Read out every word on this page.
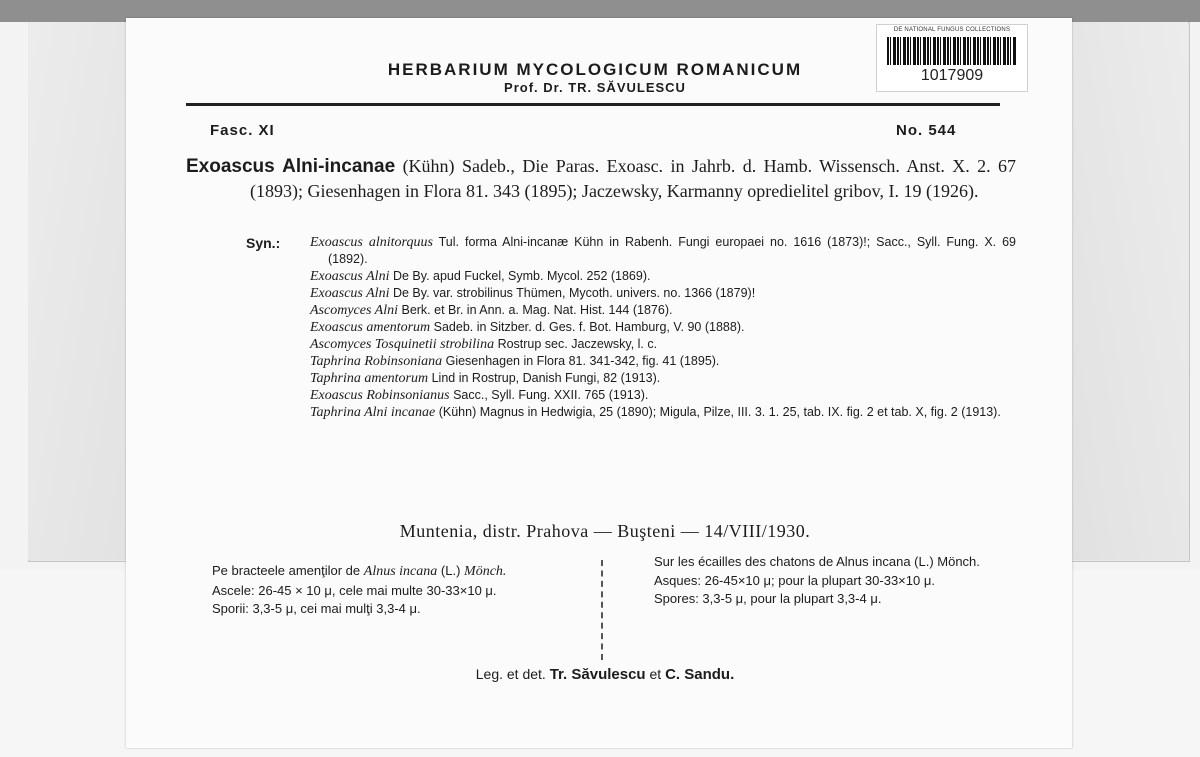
DE NATIONAL FUNGUS COLLECTIONS
1017909
HERBARIUM MYCOLOGICUM ROMANICUM
Prof. Dr. TR. SĂVULESCU
Fasc. XI	No. 544
Exoascus Alni-incanae (Kühn) Sadeb., Die Paras. Exoasc. in Jahrb. d. Hamb. Wissensch. Anst. X. 2. 67 (1893); Giesenhagen in Flora 81. 343 (1895); Jaczewsky, Karmanny opredielitel gribov, I. 19 (1926).
Syn.: Exoascus alnitorquus Tul. forma Alni-incanæ Kühn in Rabenh. Fungi europaei no. 1616 (1873)!; Sacc., Syll. Fung. X. 69 (1892).
Exoascus Alni De By. apud Fuckel, Symb. Mycol. 252 (1869).
Exoascus Alni De By. var. strobilinus Thümen, Mycoth. univers. no. 1366 (1879)!
Ascomyces Alni Berk. et Br. in Ann. a. Mag. Nat. Hist. 144 (1876).
Exoascus amentorum Sadeb. in Sitzber. d. Ges. f. Bot. Hamburg, V. 90 (1888).
Ascomyces Tosquinetii strobilina Rostrup sec. Jaczewsky, l. c.
Taphrina Robinsoniana Giesenhagen in Flora 81. 341-342, fig. 41 (1895).
Taphrina amentorum Lind in Rostrup, Danish Fungi, 82 (1913).
Exoascus Robinsonianus Sacc., Syll. Fung. XXII. 765 (1913).
Taphrina Alni incanae (Kühn) Magnus in Hedwigia, 25 (1890); Migula, Pilze, III. 3. 1. 25, tab. IX. fig. 2 et tab. X, fig. 2 (1913).
Muntenia, distr. Prahova — Buşteni — 14/VIII/1930.
Pe bracteele amenţilor de Alnus incana (L.) Mönch.
Ascele: 26-45 × 10 μ, cele mai multe 30-33×10 μ.
Sporii: 3,3-5 μ, cei mai mulţi 3,3-4 μ.
Sur les écailles des chatons de Alnus incana (L.) Mönch.
Asques: 26-45×10 μ; pour la plupart 30-33×10 μ.
Spores: 3,3-5 μ, pour la plupart 3,3-4 μ.
Leg. et det. Tr. Săvulescu et C. Sandu.
